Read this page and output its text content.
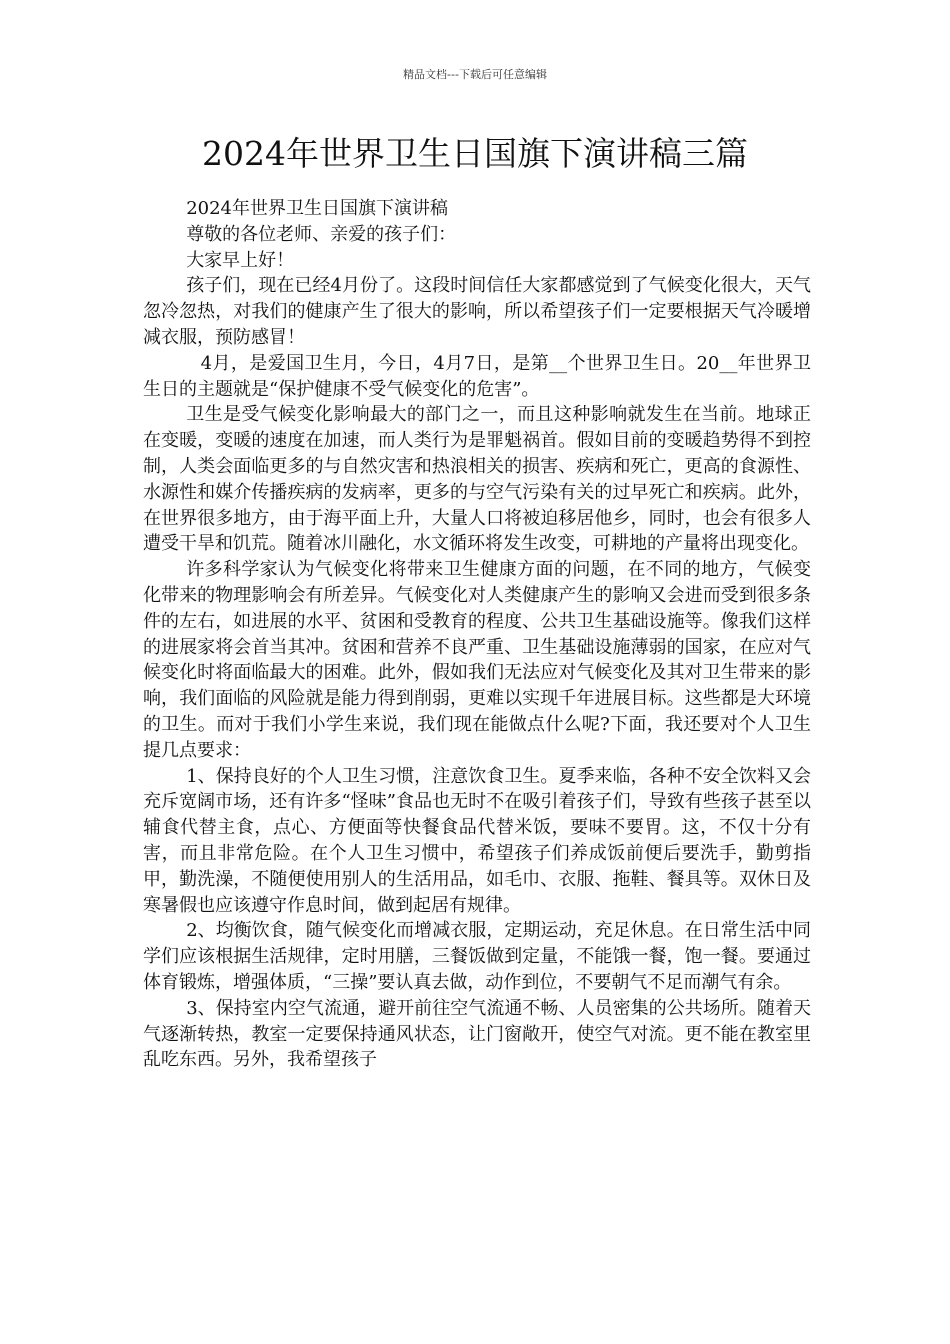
精品文档---下载后可任意编辑
2024年世界卫生日国旗下演讲稿三篇

2024年世界卫生日国旗下演讲稿

尊敬的各位老师、亲爱的孩子们：

大家早上好！

孩子们，现在已经4月份了。这段时间信任大家都感觉到了气候变化很大，天气忽冷忽热，对我们的健康产生了很大的影响，所以希望孩子们一定要根据天气冷暖增减衣服，预防感冒！

4月，是爱国卫生月，今日，4月7日，是第__个世界卫生日。20__年世界卫生日的主题就是“保护健康不受气候变化的危害”。

卫生是受气候变化影响最大的部门之一，而且这种影响就发生在当前。地球正在变暖，变暖的速度在加速，而人类行为是罪魁祸首。假如目前的变暖趋势得不到控制，人类会面临更多的与自然灾害和热浪相关的损害、疾病和死亡，更高的食源性、水源性和媒介传播疾病的发病率，更多的与空气污染有关的过早死亡和疾病。此外，在世界很多地方，由于海平面上升，大量人口将被迫移居他乡，同时，也会有很多人遭受干旱和饥荒。随着冰川融化，水文循环将发生改变，可耕地的产量将出现变化。

许多科学家认为气候变化将带来卫生健康方面的问题，在不同的地方，气候变化带来的物理影响会有所差异。气候变化对人类健康产生的影响又会进而受到很多条件的左右，如进展的水平、贫困和受教育的程度、公共卫生基础设施等。像我们这样的进展家将会首当其冲。贫困和营养不良严重、卫生基础设施薄弱的国家，在应对气候变化时将面临最大的困难。此外，假如我们无法应对气候变化及其对卫生带来的影响，我们面临的风险就是能力得到削弱，更难以实现千年进展目标。这些都是大环境的卫生。而对于我们小学生来说，我们现在能做点什么呢?下面，我还要对个人卫生提几点要求：

1、保持良好的个人卫生习惯，注意饮食卫生。夏季来临，各种不安全饮料又会充斥宽阔市场，还有许多“怪味”食品也无时不在吸引着孩子们，导致有些孩子甚至以辅食代替主食，点心、方便面等快餐食品代替米饭，要味不要胃。这，不仅十分有害，而且非常危险。在个人卫生习惯中，希望孩子们养成饭前便后要洗手，勤剪指甲，勤洗澡，不随便使用别人的生活用品，如毛巾、衣服、拖鞋、餐具等。双休日及寒暑假也应该遵守作息时间，做到起居有规律。

2、均衡饮食，随气候变化而增减衣服，定期运动，充足休息。在日常生活中同学们应该根据生活规律，定时用膳，三餐饭做到定量，不能饿一餐，饱一餐。要通过体育锻炼，增强体质，“三操”要认真去做，动作到位，不要朝气不足而潮气有余。

3、保持室内空气流通，避开前往空气流通不畅、人员密集的公共场所。随着天气逐渐转热，教室一定要保持通风状态，让门窗敞开，使空气对流。更不能在教室里乱吃东西。另外，我希望孩子
